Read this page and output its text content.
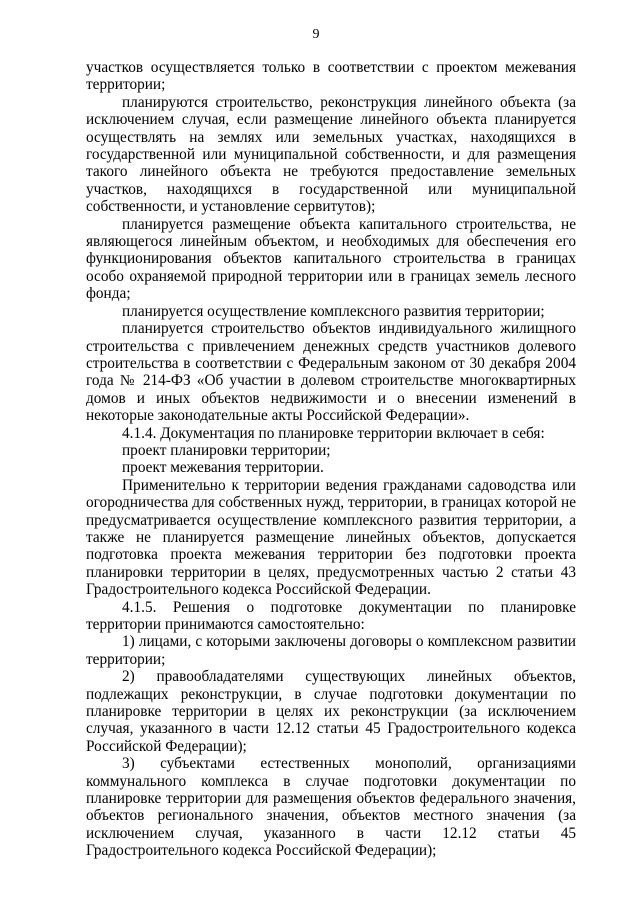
9

участков осуществляется только в соответствии с проектом межевания территории;

планируются строительство, реконструкция линейного объекта (за исключением случая, если размещение линейного объекта планируется осуществлять на землях или земельных участках, находящихся в государственной или муниципальной собственности, и для размещения такого линейного объекта не требуются предоставление земельных участков, находящихся в государственной или муниципальной собственности, и установление сервитутов);

планируется размещение объекта капитального строительства, не являющегося линейным объектом, и необходимых для обеспечения его функционирования объектов капитального строительства в границах особо охраняемой природной территории или в границах земель лесного фонда;

планируется осуществление комплексного развития территории;

планируется строительство объектов индивидуального жилищного строительства с привлечением денежных средств участников долевого строительства в соответствии с Федеральным законом от 30 декабря 2004 года № 214-ФЗ «Об участии в долевом строительстве многоквартирных домов и иных объектов недвижимости и о внесении изменений в некоторые законодательные акты Российской Федерации».

4.1.4. Документация по планировке территории включает в себя:

проект планировки территории;

проект межевания территории.

Применительно к территории ведения гражданами садоводства или огородничества для собственных нужд, территории, в границах которой не предусматривается осуществление комплексного развития территории, а также не планируется размещение линейных объектов, допускается подготовка проекта межевания территории без подготовки проекта планировки территории в целях, предусмотренных частью 2 статьи 43 Градостроительного кодекса Российской Федерации.

4.1.5. Решения о подготовке документации по планировке территории принимаются самостоятельно:

1) лицами, с которыми заключены договоры о комплексном развитии территории;

2) правообладателями существующих линейных объектов, подлежащих реконструкции, в случае подготовки документации по планировке территории в целях их реконструкции (за исключением случая, указанного в части 12.12 статьи 45 Градостроительного кодекса Российской Федерации);

3) субъектами естественных монополий, организациями коммунального комплекса в случае подготовки документации по планировке территории для размещения объектов федерального значения, объектов регионального значения, объектов местного значения (за исключением случая, указанного в части 12.12 статьи 45 Градостроительного кодекса Российской Федерации);
